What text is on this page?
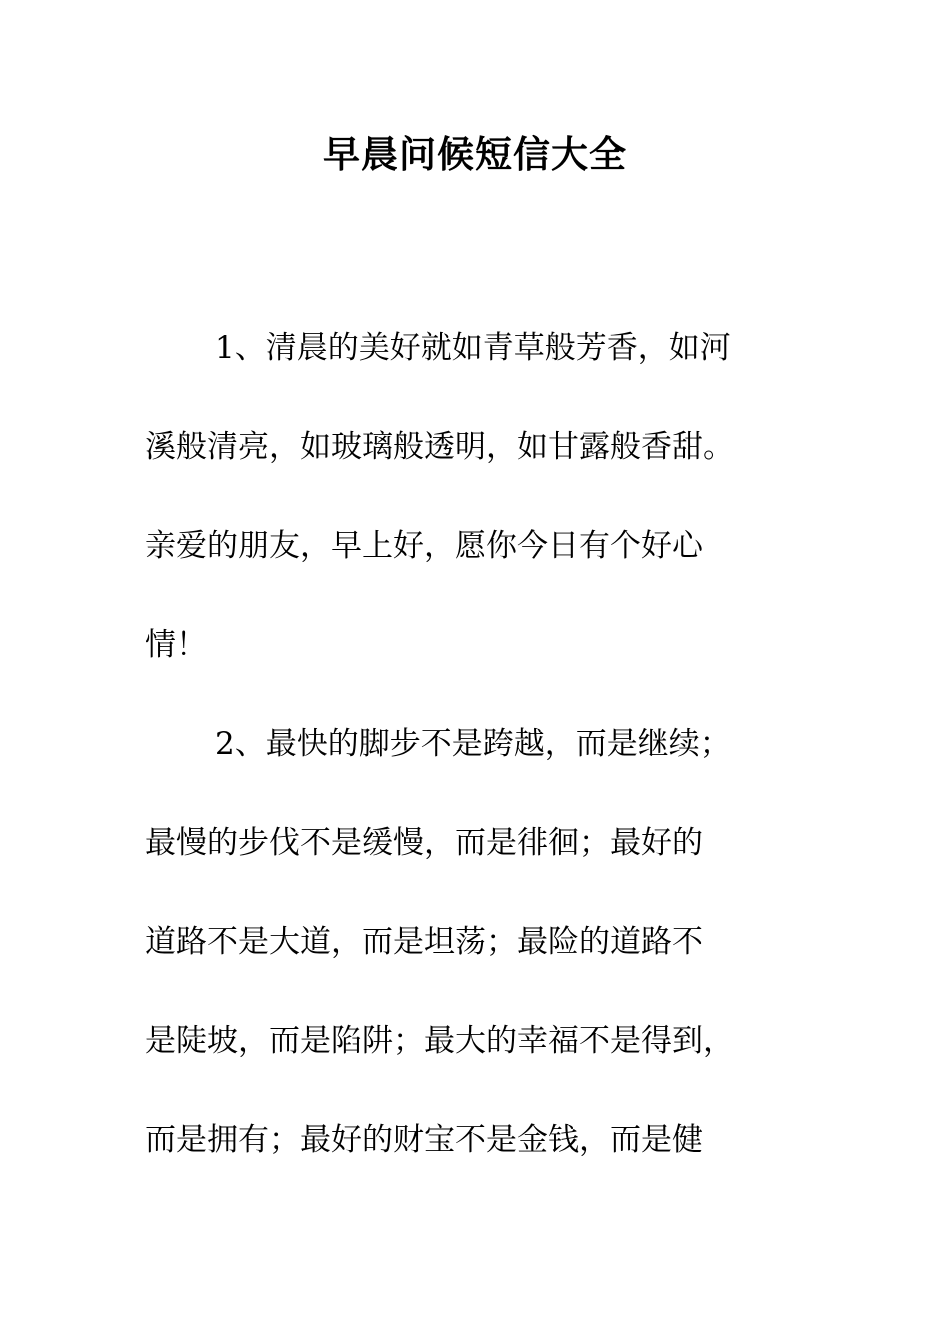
早晨问候短信大全
1、清晨的美好就如青草般芳香，如河
溪般清亮，如玻璃般透明，如甘露般香甜。
亲爱的朋友，早上好，愿你今日有个好心
情！
2、最快的脚步不是跨越，而是继续；
最慢的步伐不是缓慢，而是徘徊；最好的
道路不是大道，而是坦荡；最险的道路不
是陡坡，而是陷阱；最大的幸福不是得到，
而是拥有；最好的财宝不是金钱，而是健
